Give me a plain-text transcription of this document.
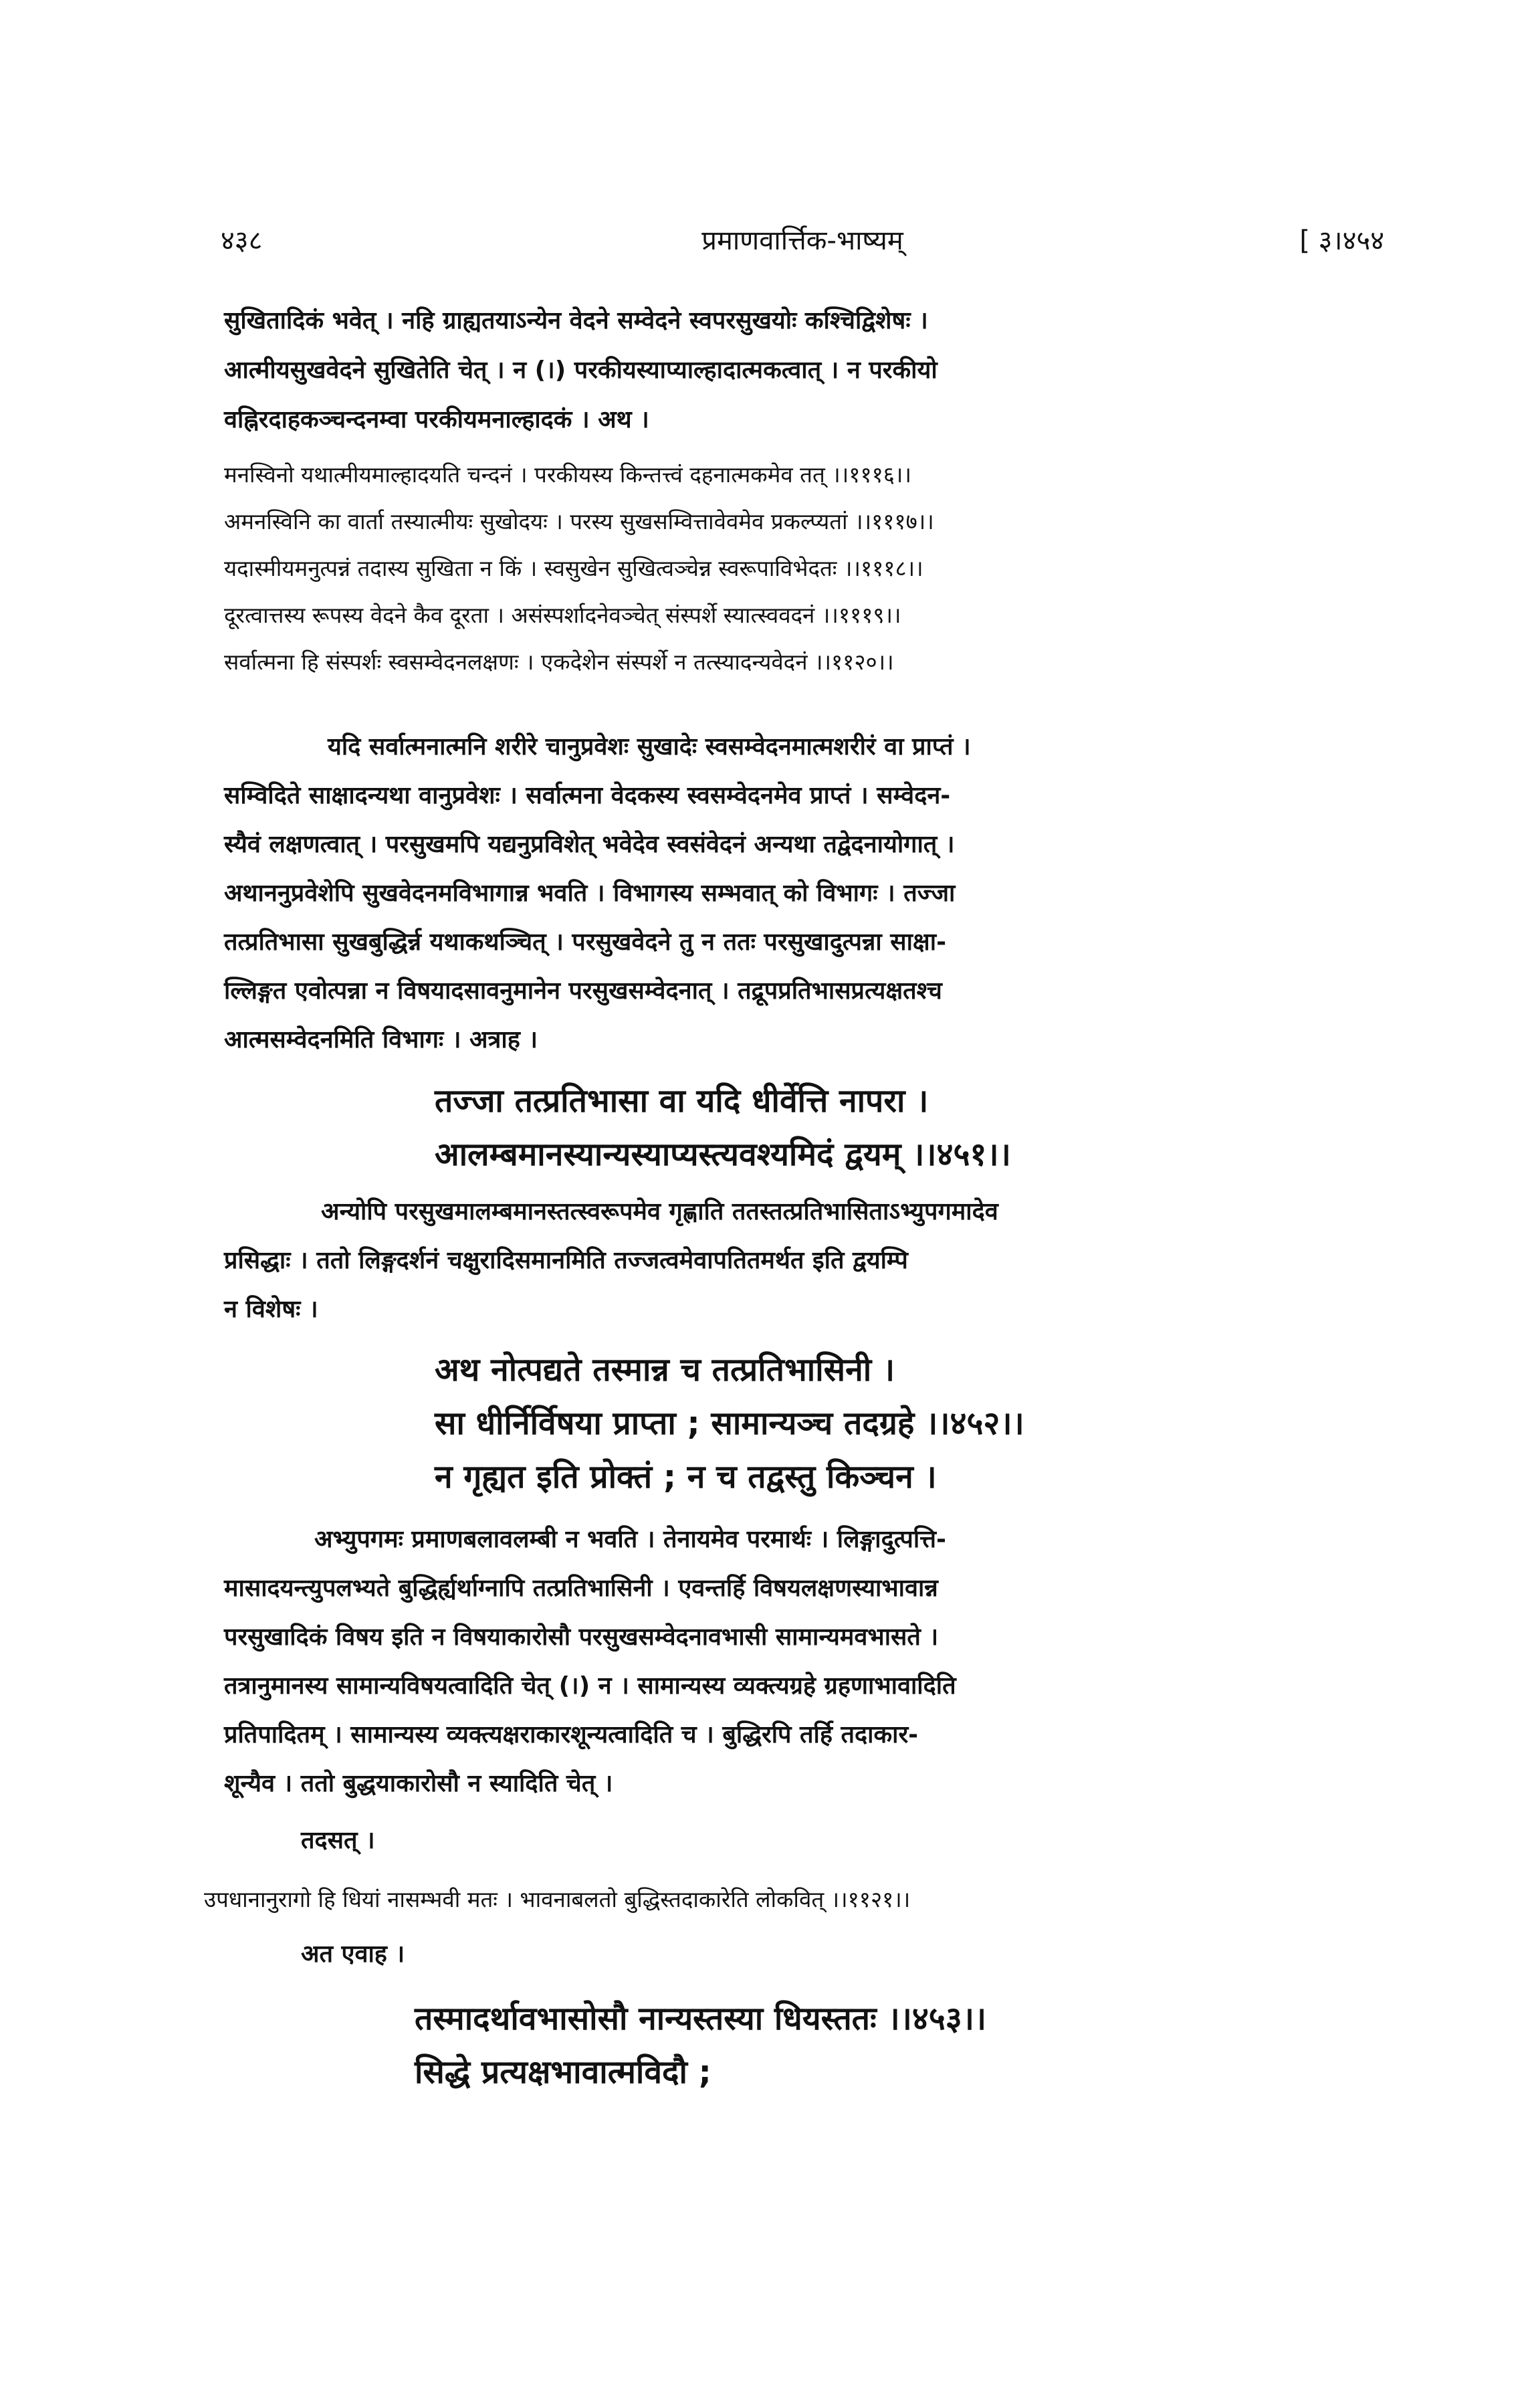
४३८	प्रमाणवार्त्तिक-भाष्यम्	[ ३।४५४
सुखितादिकं भवेत् । नहि ग्राह्यतयाऽन्येन वेदने सम्वेदने स्वपरसुखयोः कश्चिद्विशेषः ।
आत्मीयसुखवेदने सुखितेति चेत् । न (।) परकीयस्याप्याल्हादात्मकत्वात् । न परकीयो
वह्निरदाहकञ्चन्दनम्वा परकीयमनाल्हादकं । अथ ।
मनस्विनो यथात्मीयमाल्हादयति चन्दनं । परकीयस्य किन्तत्त्वं दहनात्मकमेव तत् ।।१११६।।
अमनस्विनि का वार्ता तस्यात्मीयः सुखोदयः । परस्य सुखसम्वित्तावेवमेव प्रकल्प्यतां ।।१११७।।
यदास्मीयमनुत्पन्नं तदास्य सुखिता न किं । स्वसुखेन सुखित्वञ्चेन्न स्वरूपाविभेदतः ।।१११८।।
दूरत्वात्तस्य रूपस्य वेदने कैव दूरता । असंस्पर्शादनेवञ्चेत् संस्पर्शे स्यात्स्ववदनं ।।१११९।।
सर्वात्मना हि संस्पर्शः स्वसम्वेदनलक्षणः । एकदेशेन संस्पर्शे न तत्स्यादन्यवेदनं ।।११२०।।
यदि सर्वात्मनात्मनि शरीरे चानुप्रवेशः सुखादेः स्वसम्वेदनमात्मशरीरं वा प्राप्तं ।
सम्विदिते साक्षादन्यथा वानुप्रवेशः । सर्वात्मना वेदकस्य स्वसम्वेदनमेव प्राप्तं । सम्वेदन-
स्यैवं लक्षणत्वात् । परसुखमपि यद्यनुप्रविशेत् भवेदेव स्वसंवेदनं अन्यथा तद्वेदनायोगात् ।
अथाननुप्रवेशेपि सुखवेदनमविभागान्न भवति । विभागस्य सम्भवात् को विभागः । तज्जा
तत्प्रतिभासा सुखबुद्धिर्न्न यथाकथञ्चित् । परसुखवेदने तु न ततः परसुखादुत्पन्ना साक्षा-
ल्लिङ्गत एवोत्पन्ना न विषयादसावनुमानेन परसुखसम्वेदनात् । तद्रूपप्रतिभासप्रत्यक्षतश्च
आत्मसम्वेदनमिति विभागः । अत्राह ।
तज्जा तत्प्रतिभासा वा यदि धीर्वेत्ति नापरा ।
आलम्बमानस्यान्यस्याप्यस्त्यवश्यमिदं द्वयम् ।।४५१।।
अन्योपि परसुखमालम्बमानस्तत्स्वरूपमेव गृह्णाति ततस्तत्प्रतिभासिताऽभ्युपगमादेव
प्रसिद्धाः । ततो लिङ्गदर्शनं चक्षुरादिसमानमिति तज्जत्वमेवापतितमर्थत इति द्वयम्पि
न विशेषः ।
अथ नोत्पद्यते तस्मान्न च तत्प्रतिभासिनी ।
सा धीर्निर्विषया प्राप्ता ; सामान्यञ्च तदग्रहे ।।४५२।।
न गृह्यत इति प्रोक्तं ; न च तद्वस्तु किञ्चन ।
अभ्युपगमः प्रमाणबलावलम्बी न भवति । तेनायमेव परमार्थः । लिङ्गादुत्पत्ति-
मासादयन्त्युपलभ्यते बुद्धिर्ह्यर्थाग्नापि तत्प्रतिभासिनी । एवन्तर्हि विषयलक्षणस्याभावान्न
परसुखादिकं विषय इति न विषयाकारोसौ परसुखसम्वेदनावभासी सामान्यमवभासते ।
तत्रानुमानस्य सामान्यविषयत्वादिति चेत् (।) न । सामान्यस्य व्यक्त्यग्रहे ग्रहणाभावादिति
प्रतिपादितम् । सामान्यस्य व्यक्त्यक्षराकारशून्यत्वादिति च । बुद्धिरपि तर्हि तदाकार-
शून्यैव । ततो बुद्धयाकारोसौ न स्यादिति चेत् ।
तदसत् ।
उपधानानुरागो हि धियां नासम्भवी मतः । भावनाबलतो बुद्धिस्तदाकारेति लोकवित् ।।११२१।।
अत एवाह ।
तस्मादर्थावभासोसौ नान्यस्तस्या धियस्ततः ।।४५३।।
सिद्धे प्रत्यक्षभावात्मविदौ ;
